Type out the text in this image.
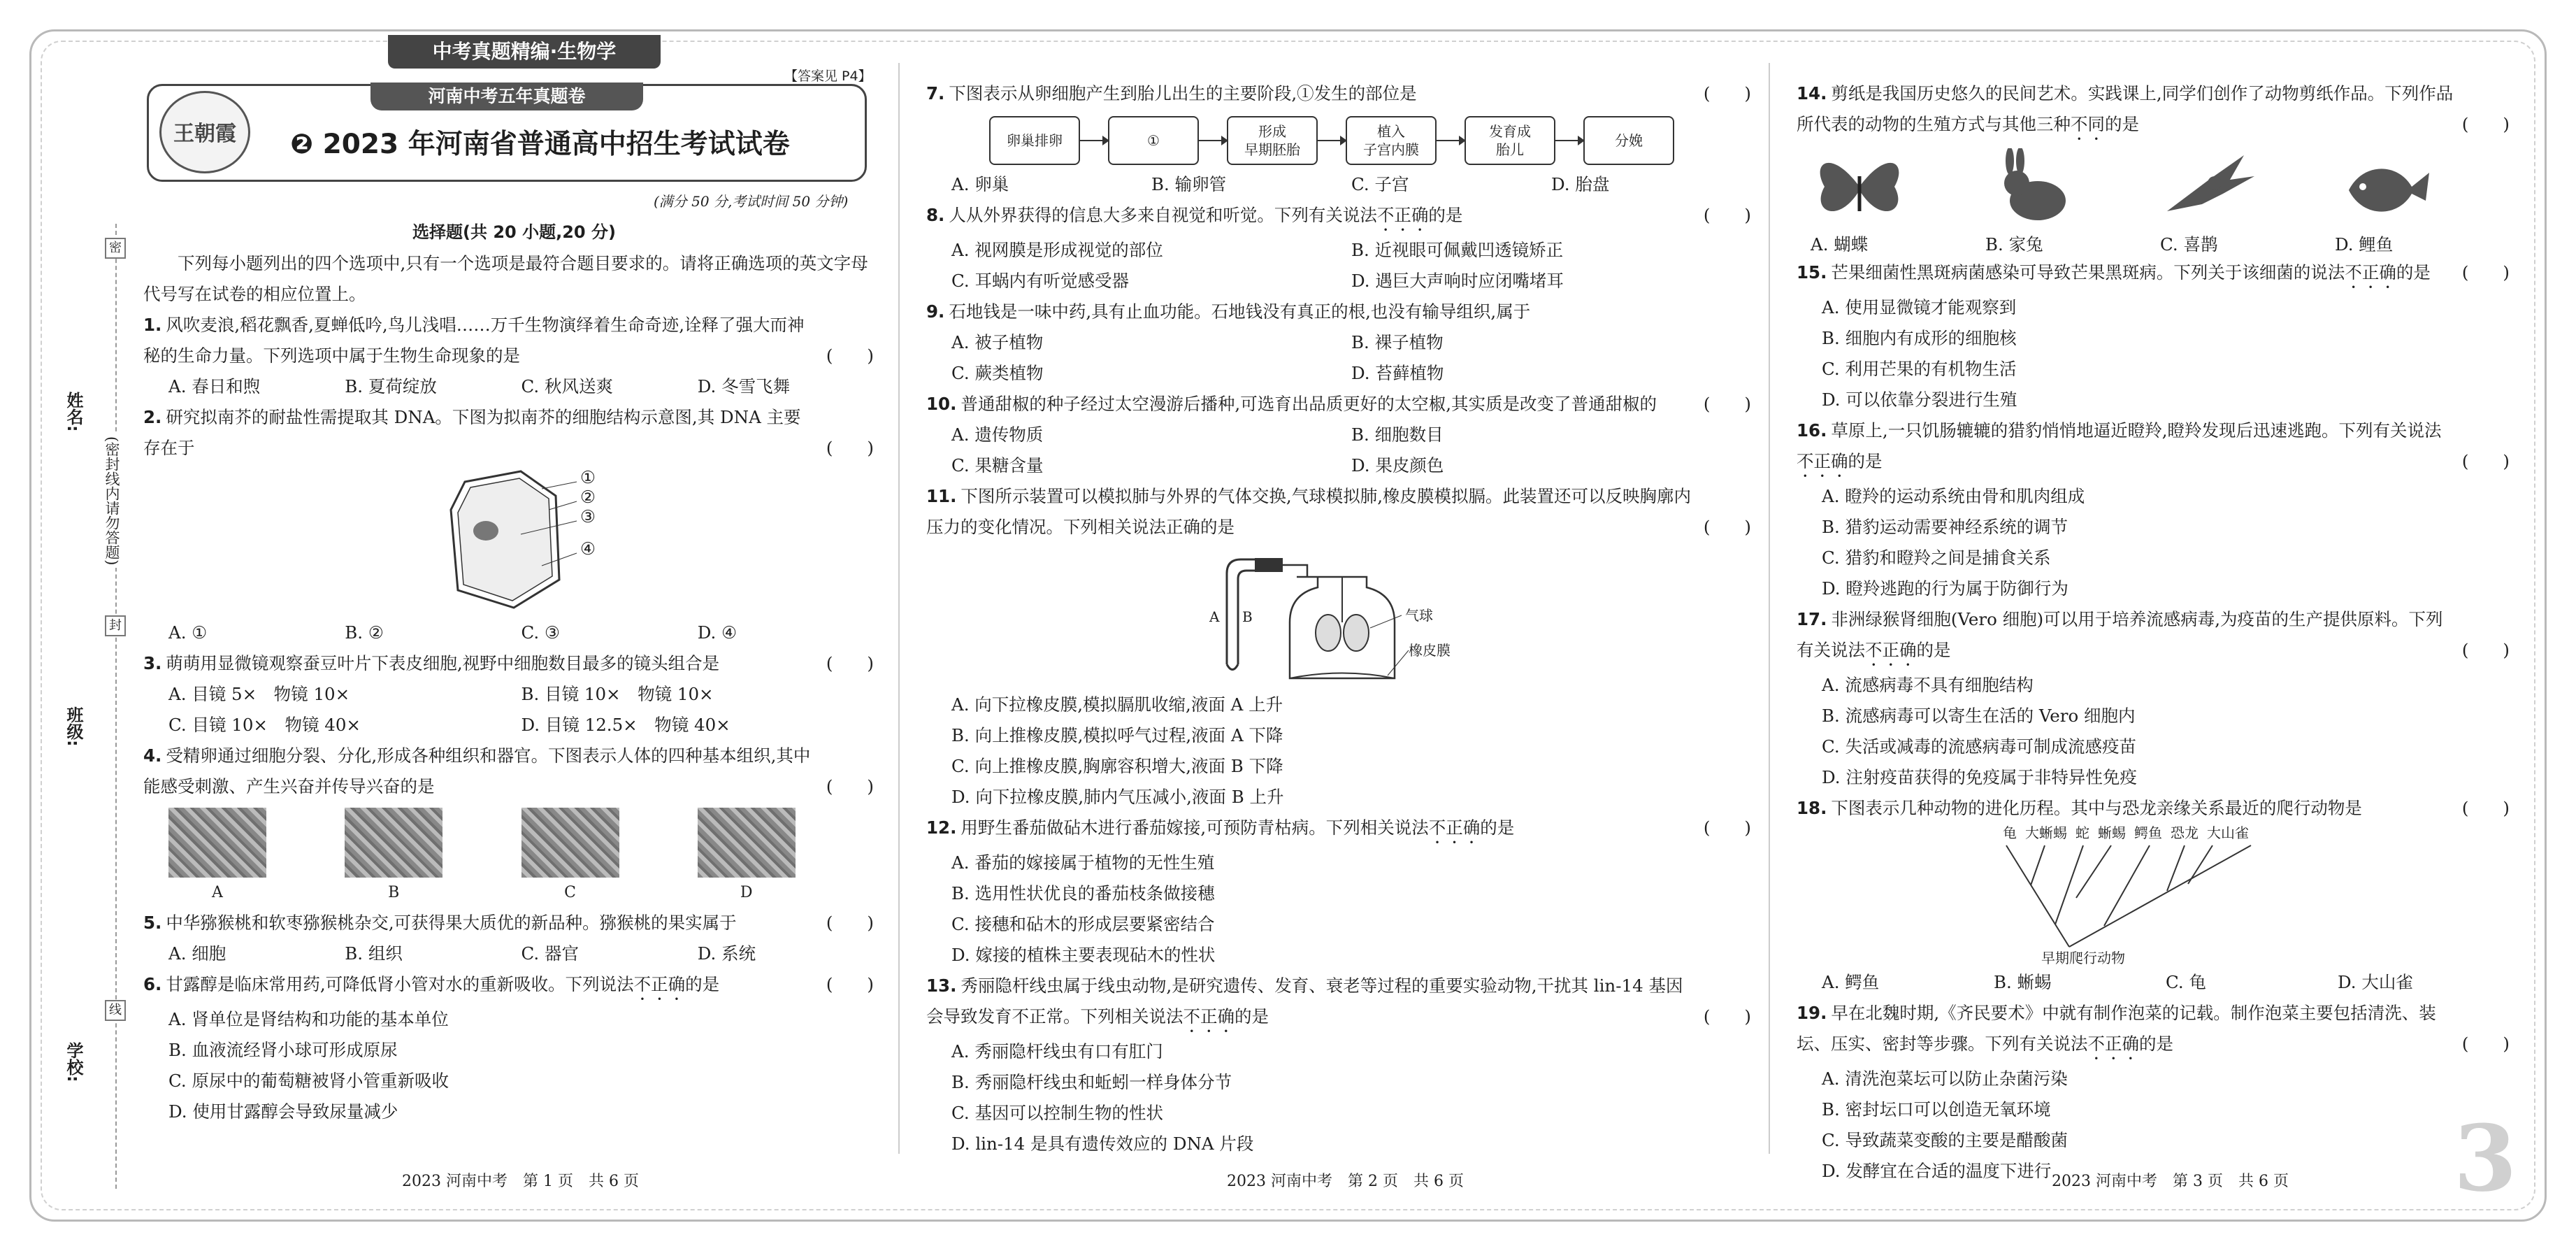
中考真题精编·生物学
【答案见 P4】
河南中考五年真题卷
王朝霞	❷ 2023 年河南省普通高中招生考试试卷
(满分 50 分,考试时间 50 分钟)
选择题(共 20 小题,20 分)
姓名:
班级:
学校:
(密封线内请勿答题)
密
封
线
下列每小题列出的四个选项中,只有一个选项是最符合题目要求的。请将正确选项的英文字母代号写在试卷的相应位置上。
1. 风吹麦浪,稻花飘香,夏蝉低吟,鸟儿浅唱……万千生物演绎着生命奇迹,诠释了强大而神秘的生命力量。下列选项中属于生物生命现象的是	(　　)
A. 春日和煦	B. 夏荷绽放	C. 秋风送爽	D. 冬雪飞舞
2. 研究拟南芥的耐盐性需提取其 DNA。下图为拟南芥的细胞结构示意图,其 DNA 主要存在于	(　　)
①
②
③
④
A. ①	B. ②	C. ③	D. ④
3. 萌萌用显微镜观察蚕豆叶片下表皮细胞,视野中细胞数目最多的镜头组合是	(　　)
A. 目镜 5×　物镜 10×	B. 目镜 10×　物镜 10×
C. 目镜 10×　物镜 40×	D. 目镜 12.5×　物镜 40×
4. 受精卵通过细胞分裂、分化,形成各种组织和器官。下图表示人体的四种基本组织,其中能感受刺激、产生兴奋并传导兴奋的是	(　　)
A	B	C	D
5. 中华猕猴桃和软枣猕猴桃杂交,可获得果大质优的新品种。猕猴桃的果实属于	(　　)
A. 细胞	B. 组织	C. 器官	D. 系统
6. 甘露醇是临床常用药,可降低肾小管对水的重新吸收。下列说法不正确的是	(　　)
A. 肾单位是肾结构和功能的基本单位
B. 血液流经肾小球可形成原尿
C. 原尿中的葡萄糖被肾小管重新吸收
D. 使用甘露醇会导致尿量减少
7. 下图表示从卵细胞产生到胎儿出生的主要阶段,①发生的部位是	(　　)
卵巢排卵	①
形成
早期胚胎
植入
子宫内膜
发育成
胎儿
分娩
A. 卵巢	B. 输卵管	C. 子宫	D. 胎盘
8. 人从外界获得的信息大多来自视觉和听觉。下列有关说法不正确的是	(　　)
A. 视网膜是形成视觉的部位	B. 近视眼可佩戴凹透镜矫正
C. 耳蜗内有听觉感受器	D. 遇巨大声响时应闭嘴堵耳
9. 石地钱是一味中药,具有止血功能。石地钱没有真正的根,也没有输导组织,属于
A. 被子植物	B. 裸子植物
C. 蕨类植物	D. 苔藓植物
10. 普通甜椒的种子经过太空漫游后播种,可选育出品质更好的太空椒,其实质是改变了普通甜椒的	(　　)
A. 遗传物质	B. 细胞数目
C. 果糖含量	D. 果皮颜色
11. 下图所示装置可以模拟肺与外界的气体交换,气球模拟肺,橡皮膜模拟膈。此装置还可以反映胸廓内压力的变化情况。下列相关说法正确的是	(　　)
A B	气球
橡皮膜
A. 向下拉橡皮膜,模拟膈肌收缩,液面 A 上升
B. 向上推橡皮膜,模拟呼气过程,液面 A 下降
C. 向上推橡皮膜,胸廓容积增大,液面 B 下降
D. 向下拉橡皮膜,肺内气压减小,液面 B 上升
12. 用野生番茄做砧木进行番茄嫁接,可预防青枯病。下列相关说法不正确的是	(　　)
A. 番茄的嫁接属于植物的无性生殖
B. 选用性状优良的番茄枝条做接穗
C. 接穗和砧木的形成层要紧密结合
D. 嫁接的植株主要表现砧木的性状
13. 秀丽隐杆线虫属于线虫动物,是研究遗传、发育、衰老等过程的重要实验动物,干扰其 lin-14 基因会导致发育不正常。下列相关说法不正确的是	(　　)
A. 秀丽隐杆线虫有口有肛门
B. 秀丽隐杆线虫和蚯蚓一样身体分节
C. 基因可以控制生物的性状
D. lin-14 是具有遗传效应的 DNA 片段
14. 剪纸是我国历史悠久的民间艺术。实践课上,同学们创作了动物剪纸作品。下列作品所代表的动物的生殖方式与其他三种不同的是	(　　)
A. 蝴蝶	B. 家兔	C. 喜鹊	D. 鲤鱼
15. 芒果细菌性黑斑病菌感染可导致芒果黑斑病。下列关于该细菌的说法不正确的是	(　　)
A. 使用显微镜才能观察到
B. 细胞内有成形的细胞核
C. 利用芒果的有机物生活
D. 可以依靠分裂进行生殖
16. 草原上,一只饥肠辘辘的猎豹悄悄地逼近瞪羚,瞪羚发现后迅速逃跑。下列有关说法不正确的是	(　　)
A. 瞪羚的运动系统由骨和肌肉组成
B. 猎豹运动需要神经系统的调节
C. 猎豹和瞪羚之间是捕食关系
D. 瞪羚逃跑的行为属于防御行为
17. 非洲绿猴肾细胞(Vero 细胞)可以用于培养流感病毒,为疫苗的生产提供原料。下列有关说法不正确的是	(　　)
A. 流感病毒不具有细胞结构
B. 流感病毒可以寄生在活的 Vero 细胞内
C. 失活或减毒的流感病毒可制成流感疫苗
D. 注射疫苗获得的免疫属于非特异性免疫
18. 下图表示几种动物的进化历程。其中与恐龙亲缘关系最近的爬行动物是	(　　)
龟 大蜥蜴 蛇 蜥蜴 鳄鱼 恐龙 大山雀
早期爬行动物
A. 鳄鱼	B. 蜥蜴	C. 龟	D. 大山雀
19. 早在北魏时期,《齐民要术》中就有制作泡菜的记载。制作泡菜主要包括清洗、装坛、压实、密封等步骤。下列有关说法不正确的是	(　　)
A. 清洗泡菜坛可以防止杂菌污染
B. 密封坛口可以创造无氧环境
C. 导致蔬菜变酸的主要是醋酸菌
D. 发酵宜在合适的温度下进行
2023 河南中考　第 1 页　共 6 页	2023 河南中考　第 2 页　共 6 页	2023 河南中考　第 3 页　共 6 页 3
